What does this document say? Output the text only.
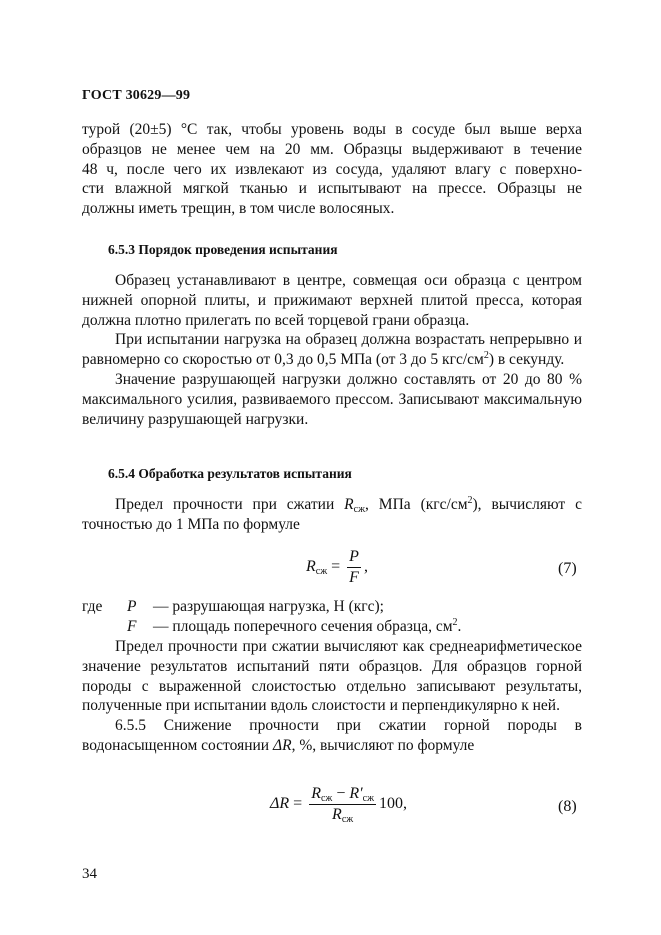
ГОСТ 30629—99
турой (20±5) °С так, чтобы уровень воды в сосуде был выше верха
образцов не менее чем на 20 мм. Образцы выдерживают в течение
48 ч, после чего их извлекают из сосуда, удаляют влагу с поверхно-
сти влажной мягкой тканью и испытывают на прессе. Образцы не
должны иметь трещин, в том числе волосяных.
6.5.3 Порядок проведения испытания

Образец устанавливают в центре, совмещая оси образца с центром нижней опорной плиты, и прижимают верхней плитой пресса, которая должна плотно прилегать по всей торцевой грани образца.

При испытании нагрузка на образец должна возрастать непрерывно и равномерно со скоростью от 0,3 до 0,5 МПа (от 3 до 5 кгс/$см^2$) в секунду.

Значение разрушающей нагрузки должно составлять от 20 до 80 % максимального усилия, развиваемого прессом. Записывают максимальную величину разрушающей нагрузки.

6.5.4 Обработка результатов испытания

Предел прочности при сжатии $R_{сж}$, МПа $(кгс/см^2)$, вычисляют с точностью до 1 МПа по формуле

$R_{сж} = \frac{P}{F}$ ,	(7)
где P — разрушающая нагрузка, Н (кгс);
F — площадь поперечного сечения образца, $см^2$.

Предел прочности при сжатии вычисляют как среднеарифметическое значение результатов испытаний пяти образцов. Для образцов горной породы с выраженной слоистостью отдельно записывают результаты, полученные при испытании вдоль слоистости и перпендикулярно к ней.

6.5.5 Снижение прочности при сжатии горной породы в водонасыщенном состоянии ΔR, %, вычисляют по формуле

$\Delta R = \frac{R_{сж} - R'_{сж}}{R_{сж}} 100$,	(8)
34
